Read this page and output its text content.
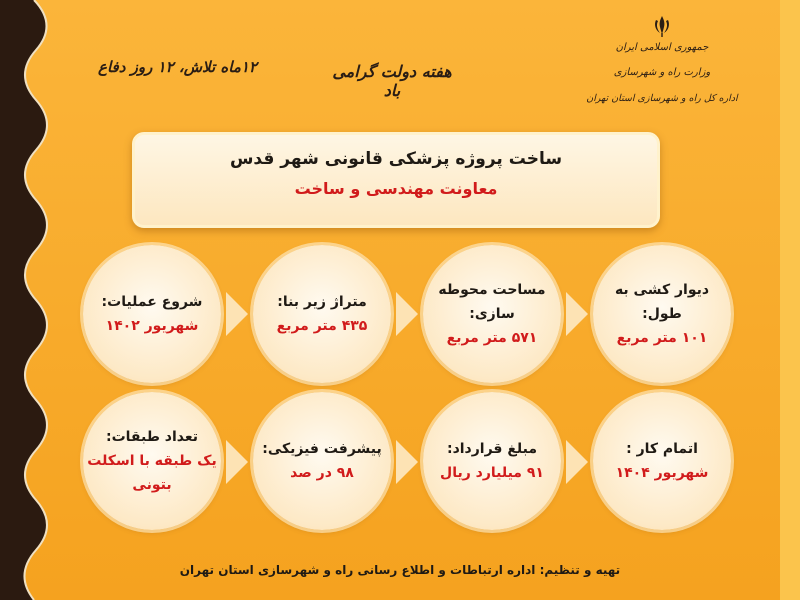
۱۲ماه تلاش، ۱۲ روز دفاع	هفته دولت گرامی باد
جمهوری اسلامی ایران
وزارت راه و شهرسازی
اداره کل راه و شهرسازی استان تهران
ساخت پروژه پزشکی قانونی شهر قدس
معاونت مهندسی و ساخت
شروع عملیات:
شهریور ۱۴۰۲
متراژ زیر بنا:
۴۳۵ متر مربع
مساحت محوطه سازی:
۵۷۱ متر مربع
دیوار کشی به طول:
۱۰۱ متر مربع
تعداد طبقات:
یک طبقه با اسکلت بتونی
پیشرفت فیزیکی:
۹۸ در صد
مبلغ قرارداد:
۹۱ میلیارد ریال
اتمام کار :
شهریور ۱۴۰۴
تهیه و تنظیم: اداره ارتباطات و اطلاع رسانی راه و شهرسازی استان تهران
